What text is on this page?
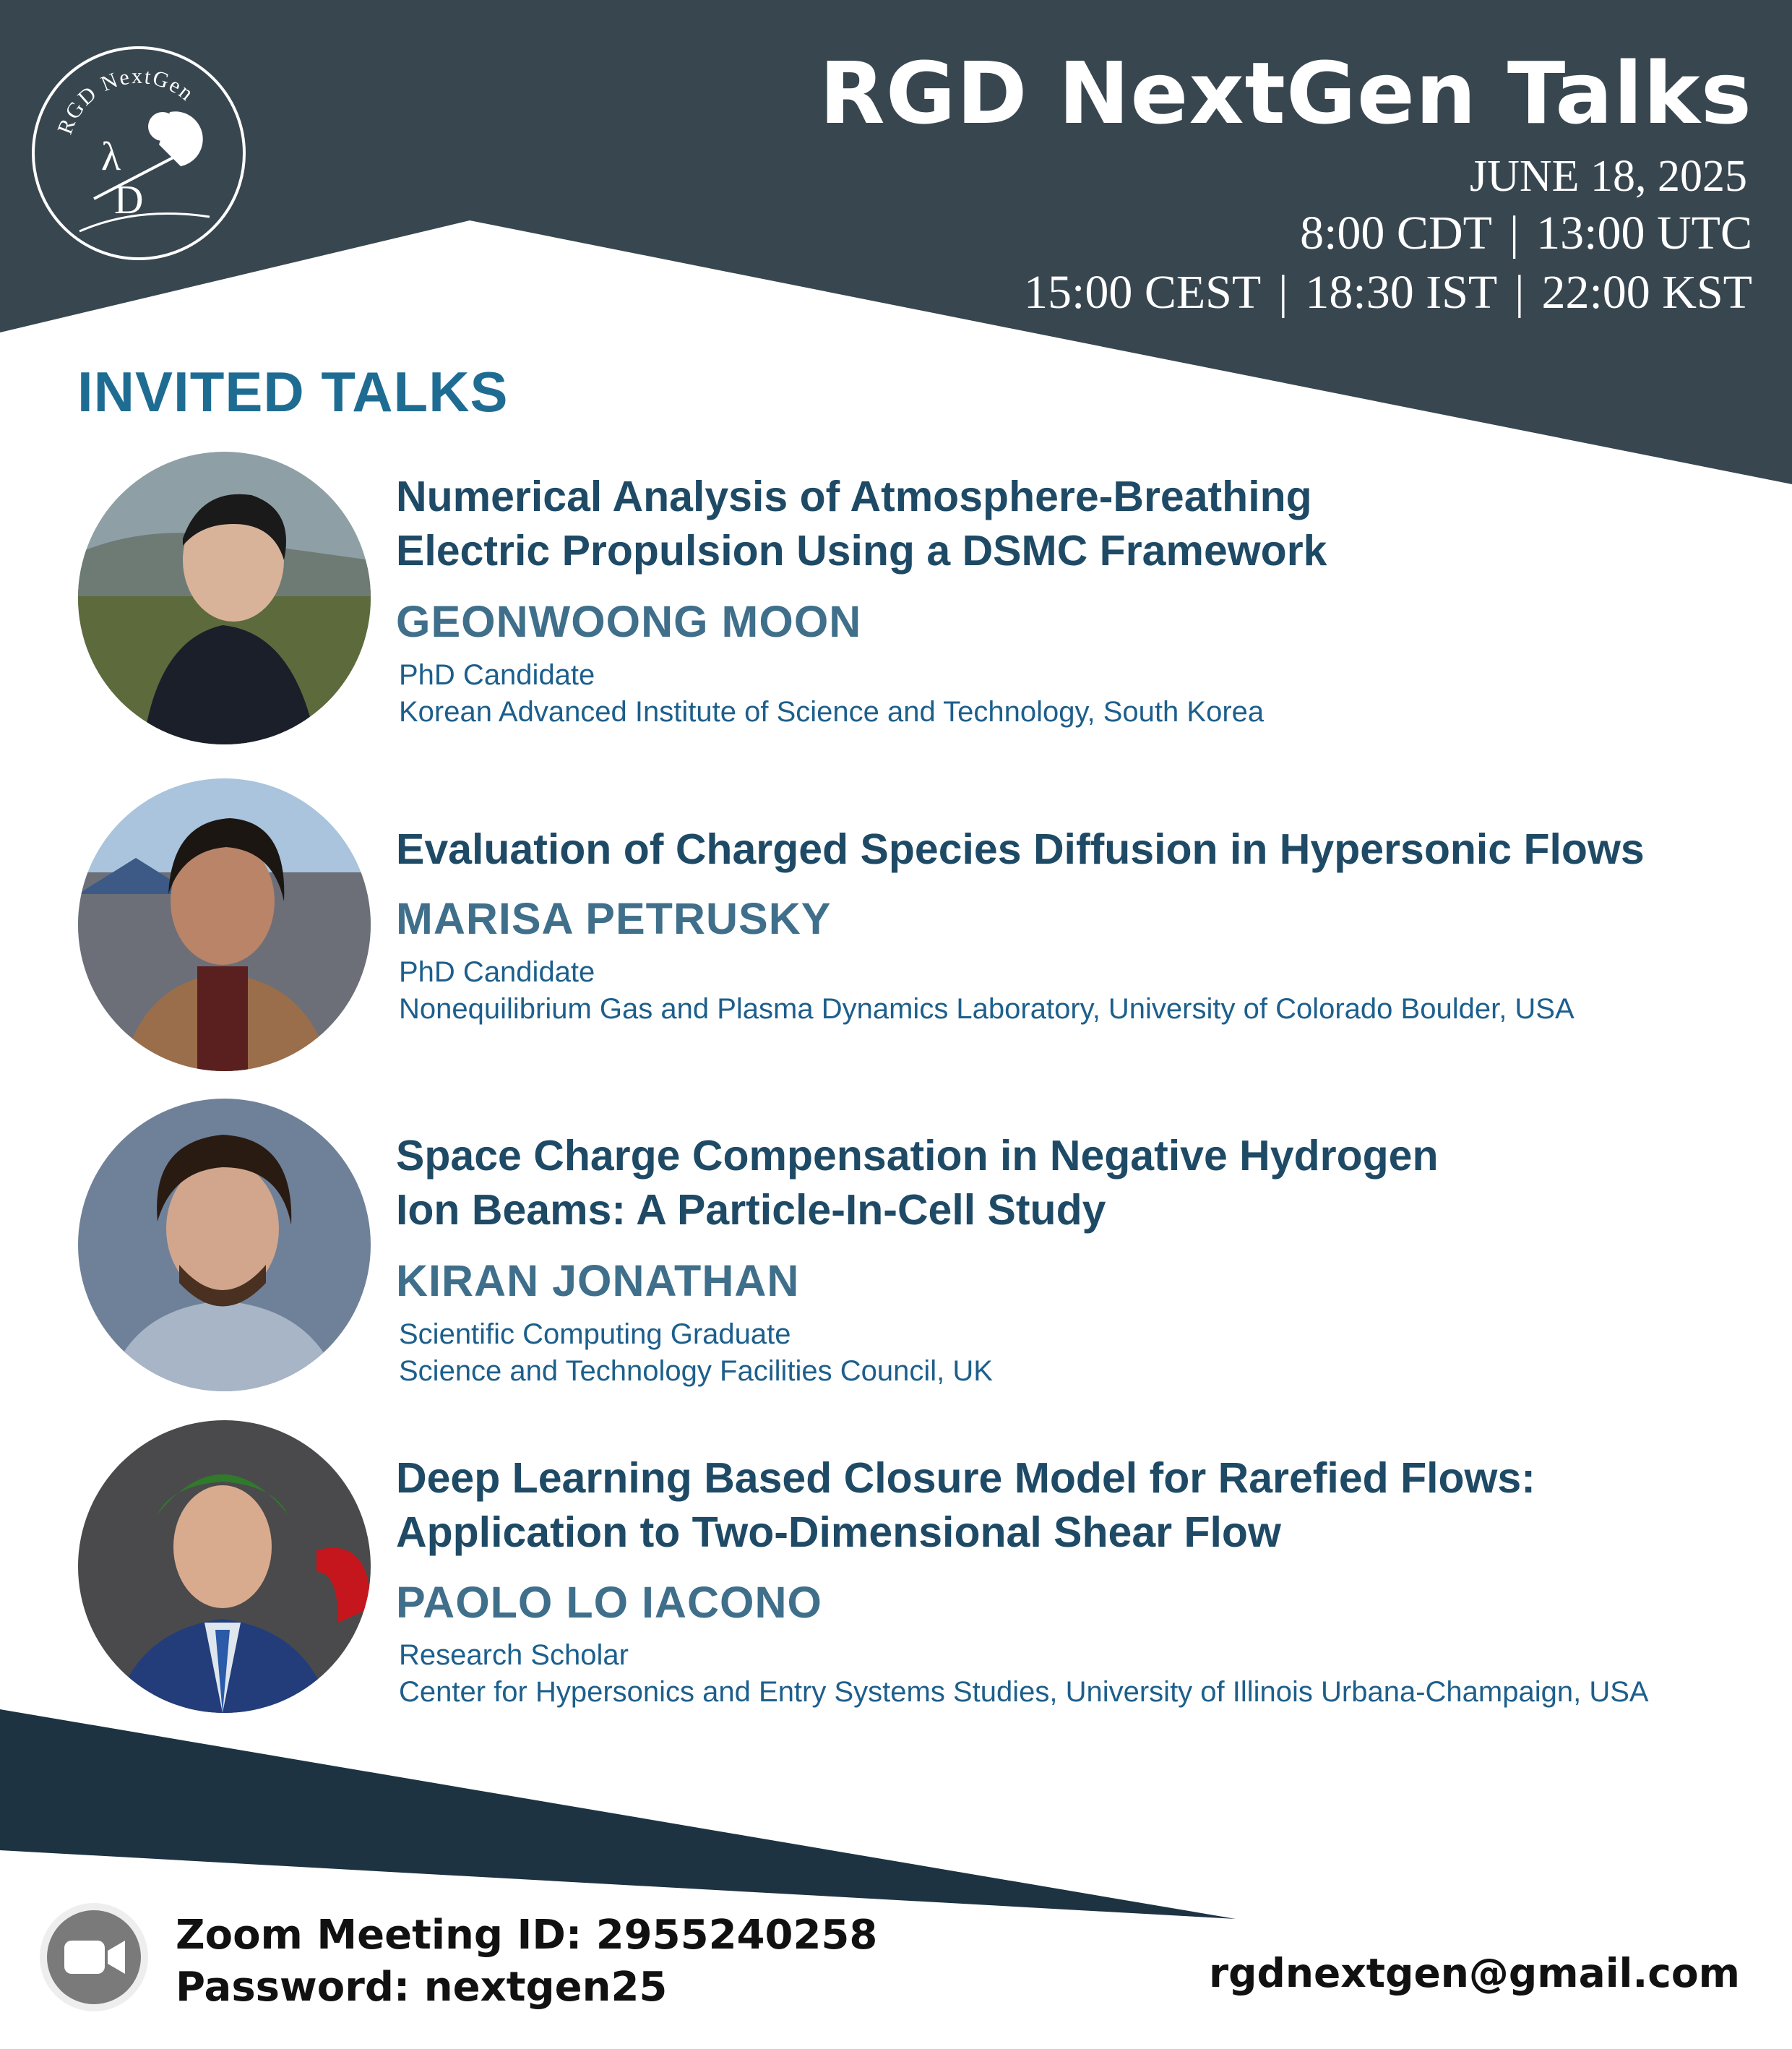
RGD NextGen
λ
D
RGD NextGen Talks
JUNE 18, 2025
8:00 CDT | 13:00 UTC
15:00 CEST | 18:30 IST | 22:00 KST
INVITED TALKS
Numerical Analysis of Atmosphere-Breathing
Electric Propulsion Using a DSMC Framework
GEONWOONG MOON
PhD Candidate
Korean Advanced Institute of Science and Technology, South Korea
Evaluation of Charged Species Diffusion in Hypersonic Flows
MARISA PETRUSKY
PhD Candidate
Nonequilibrium Gas and Plasma Dynamics Laboratory, University of Colorado Boulder, USA
Space Charge Compensation in Negative Hydrogen
Ion Beams: A Particle-In-Cell Study
KIRAN JONATHAN
Scientific Computing Graduate
Science and Technology Facilities Council, UK
Deep Learning Based Closure Model for Rarefied Flows:
Application to Two-Dimensional Shear Flow
PAOLO LO IACONO
Research Scholar
Center for Hypersonics and Entry Systems Studies, University of Illinois Urbana-Champaign, USA
Zoom Meeting ID: 2955240258
Password: nextgen25	rgdnextgen@gmail.com
